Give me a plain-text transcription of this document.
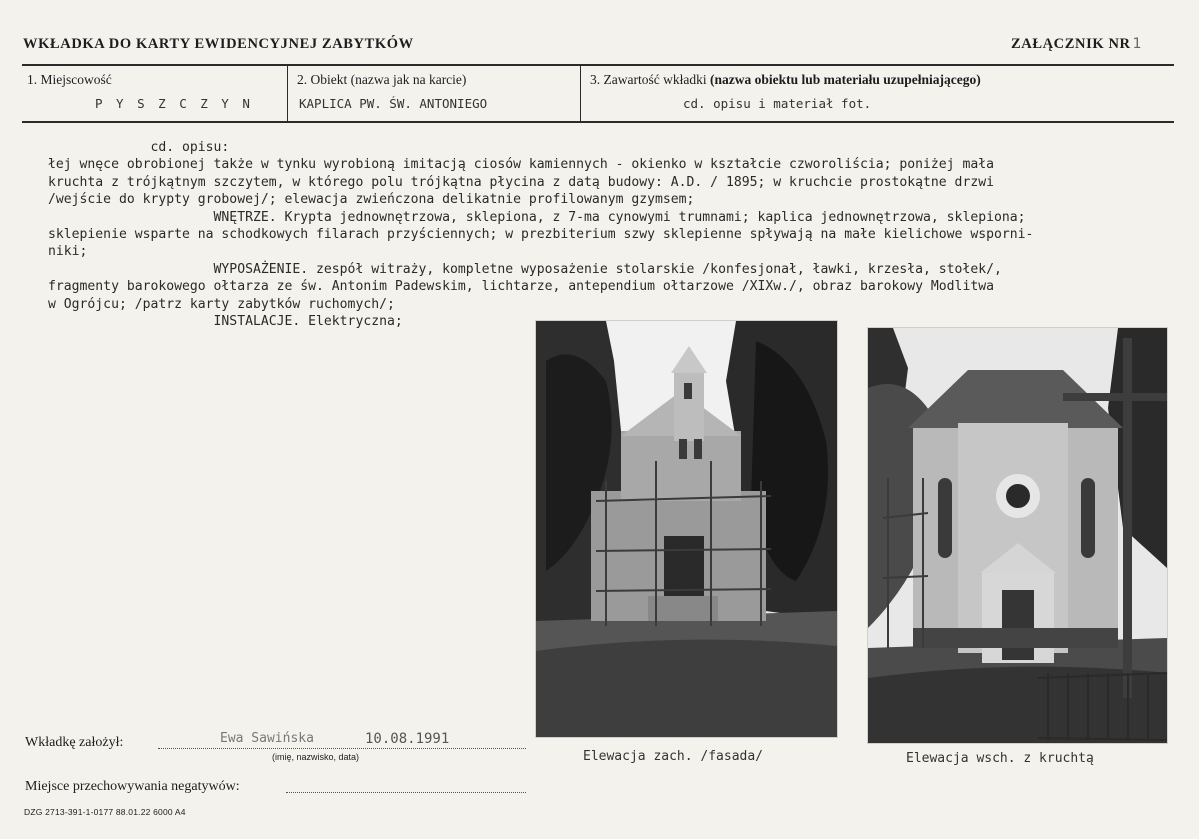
WKŁADKA DO KARTY EWIDENCYJNEJ ZABYTKÓW	ZAŁĄCZNIK NR 1
1. Miejscowość
P Y S Z C Z Y N
2. Obiekt (nazwa jak na karcie)
KAPLICA PW. ŚW. ANTONIEGO
3. Zawartość wkładki (nazwa obiektu lub materiału uzupełniającego)
cd. opisu i materiał fot.
cd. opisu:
łej wnęce obrobionej także w tynku wyrobioną imitacją ciosów kamiennych - okienko w kształcie czworoliścia; poniżej mała
kruchta z trójkątnym szczytem, w którego polu trójkątna płycina z datą budowy: A.D. / 1895; w kruchcie prostokątne drzwi
/wejście do krypty grobowej/; elewacja zwieńczona delikatnie profilowanym gzymsem;
WNĘTRZE. Krypta jednownętrzowa, sklepiona, z 7-ma cynowymi trumnami; kaplica jednownętrzowa, sklepiona;
sklepienie wsparte na schodkowych filarach przyściennych; w prezbiterium szwy sklepienne spływają na małe kielichowe wsporni-
niki;
WYPOSAŻENIE. zespół witraży, kompletne wyposażenie stolarskie /konfesjonał, ławki, krzesła, stołek/,
fragmenty barokowego ołtarza ze św. Antonim Padewskim, lichtarze, antependium ołtarzowe /XIXw./, obraz barokowy Modlitwa
w Ogrójcu; /patrz karty zabytków ruchomych/;
INSTALACJE. Elektryczna;
Elewacja zach. /fasada/	Elewacja wsch. z kruchtą
Wkładkę założył:	Ewa Sawińska	10.08.1991
(imię, nazwisko, data)
Miejsce przechowywania negatywów:
DZG 2713-391-1-0177 88.01.22 6000 A4
